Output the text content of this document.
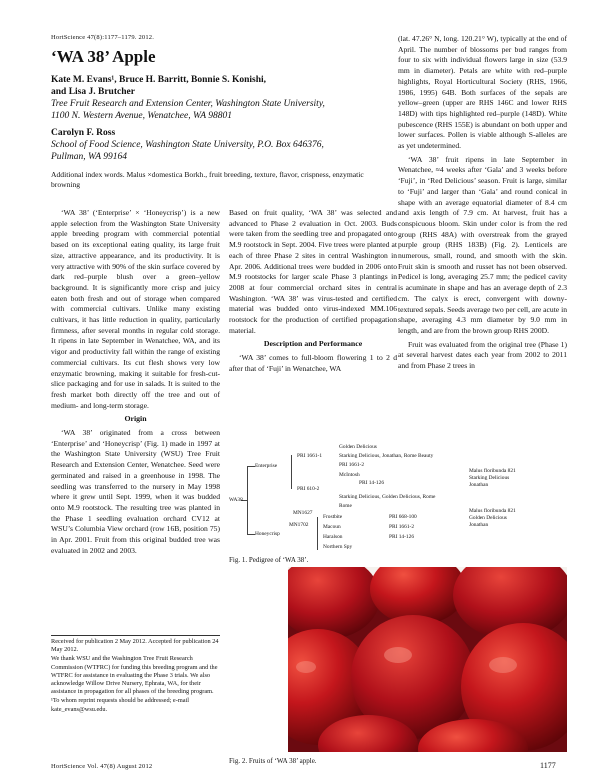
HortScience 47(8):1177–1179. 2012.
‘WA 38’ Apple
Kate M. Evans¹, Bruce H. Barritt, Bonnie S. Konishi,
and Lisa J. Brutcher
Tree Fruit Research and Extension Center, Washington State University,
1100 N. Western Avenue, Wenatchee, WA 98801
Carolyn F. Ross
School of Food Science, Washington State University, P.O. Box 646376,
Pullman, WA 99164
Additional index words. Malus ×domestica Borkh., fruit breeding, texture, flavor, crispness, enzymatic browning

‘WA 38’ (‘Enterprise’ × ‘Honeycrisp’) is a new apple selection from the Washington State University apple breeding program with commercial potential based on its exceptional eating quality, its large fruit size, attractive appearance, and its productivity. It is very attractive with 90% of the skin surface covered by dark red–purple blush over a green–yellow background. It is significantly more crisp and juicy eaten both fresh and out of storage when compared with commercial cultivars. Unlike many existing cultivars, it has little reduction in quality, particularly firmness, after several months in regular cold storage. It ripens in late September in Wenatchee, WA, and its vigor and productivity fall within the range of existing commercial cultivars. Its cut flesh shows very low enzymatic browning, making it suitable for fresh-cut-slice packaging and for use in salads. It is suited to the fresh market both directly off the tree and out of medium- and long-term storage.

Origin

‘WA 38’ originated from a cross between ‘Enterprise’ and ‘Honeycrisp’ (Fig. 1) made in 1997 at the Washington State University (WSU) Tree Fruit Research and Extension Center, Wenatchee. Seed were germinated and raised in a greenhouse in 1998. The seedling was transferred to the nursery in May 1998 where it grew until Sept. 1999, when it was budded onto M.9 rootstock. The resulting tree was planted in the Phase 1 seedling evaluation orchard CV12 at WSU’s Columbia View orchard (row 16B, position 75) in Apr. 2001. Fruit from this original budded tree was evaluated in 2002 and 2003.

Received for publication 2 May 2012. Accepted for publication 24 May 2012.

We thank WSU and the Washington Tree Fruit Research Commission (WTFRC) for funding this breeding program and the WTFRC for assistance in evaluating the Phase 3 trials. We also acknowledge Willow Drive Nursery, Ephrata, WA, for their assistance in propagation for all phases of the breeding program.

¹To whom reprint requests should be addressed; e-mail kate_evans@wsu.edu.

Based on fruit quality, ‘WA 38’ was selected and advanced to Phase 2 evaluation in Oct. 2003. Buds were taken from the seedling tree and propagated onto M.9 rootstock in Sept. 2004. Five trees were planted at each of three Phase 2 sites in central Washington in Apr. 2006. Additional trees were budded in 2006 onto M.9 rootstocks for larger scale Phase 3 plantings in 2008 at four commercial orchard sites in central Washington. ‘WA 38’ was virus-tested and certified material was budded onto virus-indexed MM.106 rootstock for the production of certified propagation material.

Description and Performance

‘WA 38’ comes to full-bloom flowering 1 to 2 d after that of ‘Fuji’ in Wenatchee, WA

(lat. 47.26° N, long. 120.21° W), typically at the end of April. The number of blossoms per bud ranges from four to six with individual flowers large in size (53.9 mm in diameter). Petals are white with red–purple highlights, Royal Horticultural Society (RHS, 1966, 1986, 1995) 64B. Both surfaces of the sepals are yellow–green (upper are RHS 146C and lower RHS 148D) with tips highlighted red–purple (148D). White pubescence (RHS 155E) is abundant on both upper and lower surfaces. Pollen is viable although S-alleles are as yet undetermined.

‘WA 38’ fruit ripens in late September in Wenatchee, ≈4 weeks after ‘Gala’ and 3 weeks before ‘Fuji’, in ‘Red Delicious’ season. Fruit is large, similar to ‘Fuji’ and larger than ‘Gala’ and round conical in shape with an average equatorial diameter of 8.4 cm and axis length of 7.9 cm. At harvest, fruit has a conspicuous bloom. Skin under color is from the red group (RHS 48A) with overstreak from the grayed purple group (RHS 183B) (Fig. 2). Lenticels are numerous, small, round, and smooth with the skin. Fruit skin is smooth and russet has not been observed. Pedicel is long, averaging 25.7 mm; the pedicel cavity is acuminate in shape and has an average depth of 2.3 cm. The calyx is erect, convergent with downy-textured sepals. Seeds average two per cell, are acute in shape, averaging 4.3 mm diameter by 9.0 mm in length, and are from the brown group RHS 200D.

Fruit was evaluated from the original tree (Phase 1) at several harvest dates each year from 2002 to 2011 and from Phase 2 trees in

WA38
Enterprise
Honeycrisp
PRI 1661-1
PRI 610-2
Golden Delicious
Starking Delicious, Jonathan, Rome Beauty
PRI 1661-2
McIntosh
PRI 14-126
Starking Delicious, Golden Delicious, Rome
Rome
Malus floribunda 821
Starking Delicious
Jonathan
MN1627
MN1702
Frostbite
Macoun
Haralson
Northern Spy
PRI 668-100
PRI 1661-2
PRI 14-126
Malus floribunda 821
Golden Delicious
Jonathan
Fig. 1. Pedigree of ‘WA 38’.
Fig. 2. Fruits of ‘WA 38’ apple.
HortScience Vol. 47(8) August 2012	1177
